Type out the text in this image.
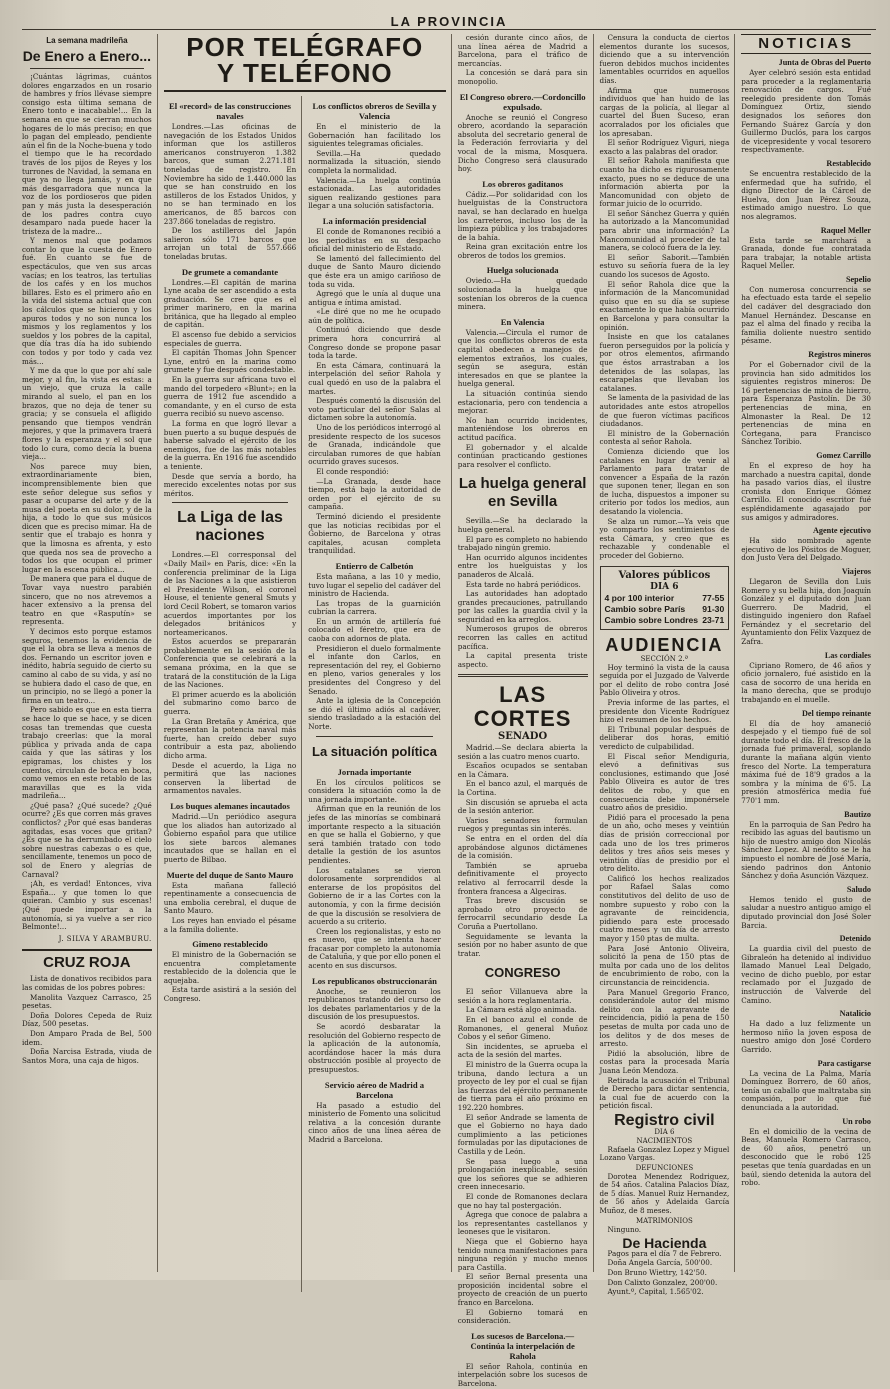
LA PROVINCIA
La semana madrileña
De Enero a Enero...

¡Cuántas lágrimas, cuántos dolores engarzados en un rosario de hambres y fríos llévase siempre consigo esta última semana de Enero tonto e inacabable!... En la semana en que se cierran muchos hogares de lo más preciso; en que lo pagan del empleado, pendiente aún el fin de la Noche-buena y todo el tiempo que le ha recordado través de los pijos de Reyes y los turrones de Navidad, la semana en que ya no llega jamás, y en que más desgarradora que nunca la voz de los pordioseros que piden pan y más justa la desesperación de los padres contra cuyo desamparo nada puede hacer la tristeza de la madre...

Y menos mal que podamos contar lo que la cuesta de Enero fué. En cuanto se fue de espectáculos, que ven sus arcas vacías; en los teatros, las tertulias de los cafés y en los muchos billares. Esto es el primero año en la vida del sistema actual que con los cálculos que se hicieron y los apuros todos y no son nunca los mismos y los reglamentos y los sueldos y los pobres de la capital, que día tras día ha ido subiendo con todos y por todo y cada vez más...

Y me da que lo que por ahí sale mejor, y al fin, la vista es estas: a un viejo, que cruza la calle mirando al suelo, el pan en los brazos, que no deja de tener su gracia; y se consuela el afligido pensando que tiempos vendrán mejores, y que la primavera traerá flores y la esperanza y el sol que todo lo cura, como decía la buena vieja...

Nos parece muy bien, extraordinariamente bien, incomprensiblemente bien que este señor delegue sus sefios y pasar a ocuparse del arte y de la musa del poeta en su dolor, y de la hija, a todo lo que sus músicos dicen que es preciso mimar. Ha de sentir que el trabajo es honra y que la limosna es afrenta, y esto que queda nos sea de provecho a todos los que ocupan el primer lugar en la escena pública...

De manera que para el duque de Tovar vaya nuestro parabién sincero, que no nos atrevemos a hacer extensivo a la prensa del teatro en que «Rasputín» se representa.

Y decimos esto porque estamos seguros, tenemos la evidencia de que el la obra se lleva a menos de dos. Fernando un escritor joven e inédito, habría seguido de cierto su camino al cabo de su vida, y así no se hubiera dado el caso de que, en un principio, no se llegó a poner la firma en un teatro...

Pero sabido es que en esta tierra se hace lo que se hace, y se dicen cosas tan tremendas que cuesta trabajo creerlas: que la moral pública y privada anda de capa caída y que las sátiras y los epigramas, los chistes y los cuentos, circulan de boca en boca, como vemos en este retablo de las maravillas que es la vida madrileña...

¿Qué pasa? ¿Qué sucede? ¿Qué ocurre? ¿Es que corren más graves conflictos? ¿Por qué esas banderas agitadas, esas voces que gritan? ¿Es que se ha derrumbado el cielo sobre nuestras cabezas o es que, sencillamente, tenemos un poco de sol de Enero y alegrías de Carnaval?

¡Ah, es verdad! Entonces, viva España... y que tomen lo que quieran. Cambio y sus escenas! ¡Qué puede importar a la autonomía, si ya vuelve a ser rico Belmonte!...

J. SILVA Y ARAMBURU.
CRUZ ROJA

Lista de donativos recibidos para las comidas de los pobres pobres:

Manolita Vazquez Carrasco, 25 pesetas.

Doña Dolores Cepeda de Ruiz Díaz, 500 pesetas.

Don Amparo Prada de Bel, 500 idem.

Doña Narcisa Estrada, viuda de Santos Mora, una caja de higos.

POR TELÉGRAFO
Y TELÉFONO
El «record» de las construcciones navales

Londres.—Las oficinas de navegación de los Estados Unidos informan que los astilleros americanos construyeron 1.382 barcos, que suman 2.271.181 toneladas de registro. En Noviembre ha sido de 1.440.000 las que se han construido en los astilleros de los Estados Unidos, y no se han terminado en los americanos, de 85 barcos con 237.866 toneladas de registro.

De los astilleros del Japón salieron sólo 171 barcos que arrojan un total de 557.666 toneladas brutas.

De grumete a comandante

Londres.—El capitán de marina Lyne acaba de ser ascendido a esta graduación. Se cree que es el primer marinero, en la marina británica, que ha llegado al empleo de capitán.

El ascenso fue debido a servicios especiales de guerra.

El capitán Thomas John Spencer Lyne, entró en la marina como grumete y fue después condestable.

En la guerra sur africana tuvo el mando del torpedero «Blunt»; en la guerra de 1912 fue ascendido a comandante, y en el curso de esta guerra recibió su nuevo ascenso.

La forma en que logró llevar a buen puerto a su buque después de haberse salvado el ejército de los enemigos, fue de las más notables de la guerra. En 1916 fue ascendido a teniente.

Desde que servía a bordo, ha merecido excelentes notas por sus méritos.

La Liga de las naciones

Londres.—El corresponsal del «Daily Mail» en París, dice: «En la conferencia preliminar de la Liga de las Naciones a la que asistieron el Presidente Wilson, el coronel House, el teniente general Smuts y lord Cecil Robert, se tomaron varios acuerdos importantes por los delegados británicos y norteamericanos.

Estos acuerdos se prepararán probablemente en la sesión de la Conferencia que se celebrará a la semana próxima, en la que se tratará de la constitución de la Liga de las Naciones.

El primer acuerdo es la abolición del submarino como barco de guerra.

La Gran Bretaña y América, que representan la potencia naval más fuerte, han creído deber suyo contribuir a esta paz, aboliendo dicho arma.

Desde el acuerdo, la Liga no permitirá que las naciones conserven la libertad de armamentos navales.

Los buques alemanes incautados

Madrid.—Un periódico asegura que los aliados han autorizado al Gobierno español para que utilice los siete barcos alemanes incautados que se hallan en el puerto de Bilbao.

Muerte del duque de Santo Mauro

Esta mañana falleció repentinamente a consecuencia de una embolia cerebral, el duque de Santo Mauro.

Los reyes han enviado el pésame a la familia doliente.

Gimeno restablecido

El ministro de la Gobernación se encuentra completamente restablecido de la dolencia que le aquejaba.

Esta tarde asistirá a la sesión del Congreso.

Los conflictos obreros de Sevilla y Valencia

En el ministerio de la Gobernación han facilitado los siguientes telegramas oficiales.

Sevilla.—Ha quedado normalizada la situación, siendo completa la normalidad.

Valencia.—La huelga continúa estacionada. Las autoridades siguen realizando gestiones para llegar a una solución satisfactoria.

La información presidencial

El conde de Romanones recibió a los periodistas en su despacho oficial del ministerio de Estado.

Se lamentó del fallecimiento del duque de Santo Mauro diciendo que éste era un amigo cariñoso de toda su vida.

Agregó que le unía al duque una antigua e íntima amistad.

«Le diré que no me he ocupado aún de política.

Continuó diciendo que desde primera hora concurrirá al Congreso donde se propone pasar toda la tarde.

En esta Cámara, continuará la interpelación del señor Rahola y cual quedó en uso de la palabra el martes.

Después comentó la discusión del voto particular del señor Salas al dictamen sobre la autonomía.

Uno de los periódicos interrogó al presidente respecto de los sucesos de Granada, indicándole que circulaban rumores de que habían ocurrido graves sucesos.

El conde respondió:

—La Granada, desde hace tiempo, está bajo la autoridad de orden por el ejército de su campaña.

Terminó diciendo el presidente que las noticias recibidas por el Gobierno, de Barcelona y otras capitales, acusan completa tranquilidad.

Entierro de Calbetón

Esta mañana, a las 10 y medio, tuvo lugar el sepelio del cadáver del ministro de Hacienda.

Las tropas de la guarnición cubrían la carrera.

En un armón de artillería fué colocado el féretro, que era de caoba con adornos de plata.

Presidieron el duelo formalmente el infante don Carlos, en representación del rey, el Gobierno en pleno, varios generales y los presidentes del Congreso y del Senado.

Ante la iglesia de la Concepción se dió el último adiós al cadáver, siendo trasladado a la estación del Norte.

La situación política
Jornada importante

En los círculos políticos se considera la situación como la de una jornada importante.

Afirman que en la reunión de los jefes de las minorías se combinará importante respecto a la situación en que se halla el Gobierno, y que será también tratado con todo detalle la gestión de los asuntos pendientes.

Los catalanes se vieron dolorosamente sorprendidos al enterarse de los propósitos del Gobierno de ir a las Cortes con la autonomía, y con la firme decisión de que la discusión se resolviera de acuerdo a su criterio.

Creen los regionalistas, y esto no es nuevo, que se intenta hacer fracasar por completo la autonomía de Cataluña, y que por ello ponen el acento en sus discursos.

Los republicanos obstruccionarán

Anoche, se reunieron los republicanos tratando del curso de los debates parlamentarios y de la discusión de los presupuestos.

Se acordó desbaratar la resolución del Gobierno respecto de la aplicación de la autonomía, acordándose hacer la más dura obstrucción posible al proyecto de presupuestos.

Servicio aéreo de Madrid a Barcelona

Ha pasado a estudio del ministerio de Fomento una solicitud relativa a la concesión durante cinco años de una línea aérea de Madrid a Barcelona.

cesión durante cinco años, de una línea aérea de Madrid a Barcelona, para el tráfico de mercancías.

La concesión se dará para sin monopolio.

El Congreso obrero.—Cordoncillo expulsado.

Anoche se reunió el Congreso obrero, acordando la separación absoluta del secretario general de la Federación ferroviaria y del vocal de la misma, Mosquera. Dicho Congreso será clausurado hoy.

Los obreros gaditanos

Cádiz.—Por solidaridad con los huelguistas de la Constructora naval, se han declarado en huelga los carreteros, incluso los de la limpieza pública y los trabajadores de la bahía.

Reina gran excitación entre los obreros de todos los gremios.

Huelga solucionada

Oviedo.—Ha quedado solucionada la huelga que sostenían los obreros de la cuenca minera.

En Valencia

Valencia.—Circula el rumor de que los conflictos obreros de esta capital obedecen a manejos de elementos extraños, los cuales, según se asegura, están interesados en que se plantee la huelga general.

La situación continúa siendo estacionaria, pero con tendencia a mejorar.

No han ocurrido incidentes, manteniéndose los obreros en actitud pacífica.

El gobernador y el alcalde continúan practicando gestiones para resolver el conflicto.

La huelga general en Sevilla

Sevilla.—Se ha declarado la huelga general.

El paro es completo no habiendo trabajado ningún gremio.

Han ocurrido algunos incidentes entre los huelguistas y los panaderos de Alcalá.

Esta tarde no habrá periódicos.

Las autoridades han adoptado grandes precauciones, patrullando por las calles la guardia civil y la seguridad en ka arreglos.

Numerosos grupos de obreros recorren las calles en actitud pacífica.

La capital presenta triste aspecto.

LAS CORTES
SENADO

Madrid.—Se declara abierta la sesión a las cuatro menos cuarto.

Escaños ocupados se sentaban en la Cámara.

En el banco azul, el marqués de la Cortina.

Sin discusión se aprueba el acta de la sesión anterior.

Varios senadores formulan ruegos y preguntas sin interés.

Se entra en el orden del día aprobándose algunos dictámenes de la comisión.

También se aprueba definitivamente el proyecto relativo al ferrocarril desde la frontera francesa a Algeciras.

Tras breve discusión se aprobado otro proyecto de ferrocarril secundario desde La Coruña a Puertollano.

Seguidamente se levanta la sesión por no haber asunto de que tratar.

CONGRESO

El señor Villanueva abre la sesión a la hora reglamentaria.

La Cámara está algo animada.

En el banco azul el conde de Romanones, el general Muñoz Cobos y el señor Gimeno.

Sin incidentes, se aprueba el acta de la sesión del martes.

El ministro de la Guerra ocupa la tribuna, dando lectura a un proyecto de ley por el cual se fijan las fuerzas del ejército permanente de tierra para el año próximo en 192.220 hombres.

El señor Andrade se lamenta de que el Gobierno no haya dado cumplimiento a las peticiones formuladas por las diputaciones de Castilla y de León.

Se pasa luego a una prolongación inexplicable, sesión que los señores que se adhieren creen innecesario.

El conde de Romanones declara que no hay tal postergación.

Agrega que conoce de palabra a los representantes castellanos y leoneses que le visitaron.

Niega que el Gobierno haya tenido nunca manifestaciones para ninguna región y mucho menos para Castilla.

El señor Bernal presenta una proposición incidental sobre el proyecto de creación de un puerto franco en Barcelona.

El Gobierno tomará en consideración.

Los sucesos de Barcelona.—Continúa la interpelación de Rahola

El señor Rahola, continúa en interpelación sobre los sucesos de Barcelona.

Censura la conducta de ciertos elementos durante los sucesos, diciendo que a su intervención fueron debidos muchos incidentes lamentables ocurridos en aquellos días.

Afirma que numerosos individuos que han huido de las cargas de la policía, al llegar al cuartel del Buen Suceso, eran acorralados por los oficiales que los apresaban.

El señor Rodríguez Viguri, niega exacto a las palabras del orador.

El señor Rahola manifiesta que cuanto ha dicho es rigurosamente exacto, pues no se deduce de una información abierta por la Mancomunidad con objeto de formar juicio de lo ocurrido.

El señor Sánchez Guerra y quién ha autorizado a la Mancomunidad para abrir una información? La Mancomunidad al proceder de tal manera, se colocó fuera de la ley.

El señor Saborit.—También estuvo su señoría fuera de la ley cuando los sucesos de Agosto.

El señor Rahola dice que la información de la Mancomunidad quiso que en su día se supiese exactamente lo que había ocurrido en Barcelona y para consultar la opinión.

Insiste en que los catalanes fueron perseguidos por la policía y por otros elementos, afirmando que éstos arrastraban a los detenidos de las solapas, las escarapelas que llevaban los catalanes.

Se lamenta de la pasividad de las autoridades ante estos atropellos de que fueron víctimas pacíficos ciudadanos.

El ministro de la Gobernación contesta al señor Rahola.

Comienza diciendo que los catalanes en lugar de venir al Parlamento para tratar de convencer a España de la razón que suponen tener, llegan en son de lucha, dispuestos a imponer su criterio por todos los medios, aun desatando la violencia.

Se alza un rumor.—Ya veis que yo comparto los sentimientos de esta Cámara, y creo que es rechazable y condenable el proceder del Gobierno.

Valores públicos
DIA 6
4 por 100 interior	77-55
Cambio sobre París 91-30
Cambio sobre Londres 23-71
AUDIENCIA
SECCIÓN 2.ª

Hoy terminó la vista de la causa seguida por el Juzgado de Valverde por el delito de robo contra José Pablo Oliveira y otros.

Previa informe de las partes, el presidente don Vicente Rodríguez hizo el resumen de los hechos.

El Tribunal popular después de deliberar dos horas, emitió veredicto de culpabilidad.

El Fiscal señor Mendiguria, elevó a definitivas sus conclusiones, estimando que José Pablo Oliveira es autor de tres delitos de robo, y que en consecuencia debe imponérsele cuatro años de presidio.

Pidió para el procesado la pena de un año, ocho meses y veintiún días de prisión correccional por cada uno de los tres primeros delitos y tres años seis meses y veintiún días de presidio por el otro delito.

Calificó los hechos realizados por Rafael Salas como constitutivos del delito de uso de nombre supuesto y robo con la agravante de reincidencia, pidiendo para este procesado cuatro meses y un día de arresto mayor y 150 ptas de multa.

Para José Antonio Oliveira, solicitó la pena de 150 ptas de multa por cada uno de los delitos de encubrimiento de robo, con la circunstancia de reincidencia.

Para Manuel Gregorio Franco, considerándole autor del mismo delito con la agravante de reincidencia, pidió la pena de 150 pesetas de multa por cada uno de los delitos y de dos meses de arresto.

Pidió la absolución, libre de costas para la procesada María Juana León Mendoza.

Retirada la acusación el Tribunal de Derecho para dictar sentencia, la cual fue de acuerdo con la petición fiscal.

Registro civil
DIA 6
NACIMIENTOS

Rafaela Gonzalez Lopez y Miguel Lozano Vargas.

DEFUNCIONES

Dorotea Menendez Rodriguez, de 54 años. Catalina Palacios Díaz, de 5 días. Manuel Ruiz Hernandez, de 56 años y Adelaida García Muñoz, de 8 meses.

MATRIMONIOS

Ninguno.

De Hacienda

Pagos para el día 7 de Febrero.

Doña Angela García, 500'00.

Don Bruno Wiettry, 142'50.

Don Calixto Gonzalez, 200'00.

Ayunt.º, Capital, 1.565'02.

NOTICIAS
Junta de Obras del Puerto

Ayer celebró sesión esta entidad para proceder a la reglamentaria renovación de cargos. Fué reelegido presidente don Tomás Domínguez Ortiz, siendo designados los señores don Fernando Suárez García y don Guillermo Duclós, para los cargos de vicepresidente y vocal tesorero respectivamente.

Restablecido

Se encuentra restablecido de la enfermedad que ha sufrido, el digno Director de la Cárcel de Huelva, don Juan Pérez Souza, estimado amigo nuestro. Lo que nos alegramos.

Raquel Meller

Esta tarde se marchará a Granada, donde fue contratada para trabajar, la notable artista Raquel Meller.

Sepelio

Con numerosa concurrencia se ha efectuado esta tarde el sepelio del cadáver del desgraciado don Manuel Hernández. Descanse en paz el alma del finado y reciba la familia doliente nuestro sentido pésame.

Registros mineros

Por el Gobernador civil de la provincia han sido admitidos los siguientes registros mineros: De 16 pertenencias de mina de hierro, para Esperanza Pastolín. De 30 pertenencias de mina, en Almonaster la Real. De 12 pertenencias de mina en Cortegana, para Francisco Sánchez Toribio.

Gomez Carrillo

En el expreso de hoy ha marchado a nuestra capital, donde ha pasado varios días, el ilustre cronista don Enrique Gómez Carrillo. El conocido escritor fué espléndidamente agasajado por sus amigos y admiradores.

Agente ejecutivo

Ha sido nombrado agente ejecutivo de los Pósitos de Moguer, don Justo Vera del Delgado.

Viajeros

Llegaron de Sevilla don Luis Romero y su bella hija, don Joaquín González y el diputado don Juan Guerrero. De Madrid, el distinguido ingeniero don Rafael Fernández y el secretario del Ayuntamiento don Félix Vazquez de Zafra.

Las cordiales

Cipriano Romero, de 46 años y oficio jornalero, fué asistido en la casa de socorro de una herida en la mano derecha, que se produjo trabajando en el muelle.

Del tiempo reinante

El día de hoy amaneció despejado y el tiempo fué de sol durante todo el día. El fresco de la jornada fué primaveral, soplando durante la mañana algún viento fresco del Norte. La temperatura máxima fué de 18'9 grados a la sombra y la mínima de 6'5. La presión atmosférica media fué 770'1 mm.

Bautizo

En la parroquia de San Pedro ha recibido las aguas del bautismo un hijo de nuestro amigo don Nicolás Sánchez Lopez. Al neófito se le ha impuesto el nombre de José María, siendo padrinos don Antonio Sánchez y doña Asunción Vázquez.

Saludo

Hemos tenido el gusto de saludar a nuestro antiguo amigo el diputado provincial don José Soler Barcia.

Detenido

La guardia civil del puesto de Gibraleón ha detenido al individuo llamado Manuel Leal Delgado, vecino de dicho pueblo, por estar reclamado por el Juzgado de instrucción de Valverde del Camino.

Natalicio

Ha dado a luz felizmente un hermoso niño la joven esposa de nuestro amigo don José Cordero Garrido.

Para castigarse

La vecina de La Palma, María Domínguez Borrero, de 60 años, tenía un caballo que maltrataba sin compasión, por lo que fué denunciada a la autoridad.

Un robo

En el domicilio de la vecina de Beas, Manuela Romero Carrasco, de 60 años, penetró un desconocido que le robó 125 pesetas que tenía guardadas en un baúl, siendo detenida la autora del robo.
